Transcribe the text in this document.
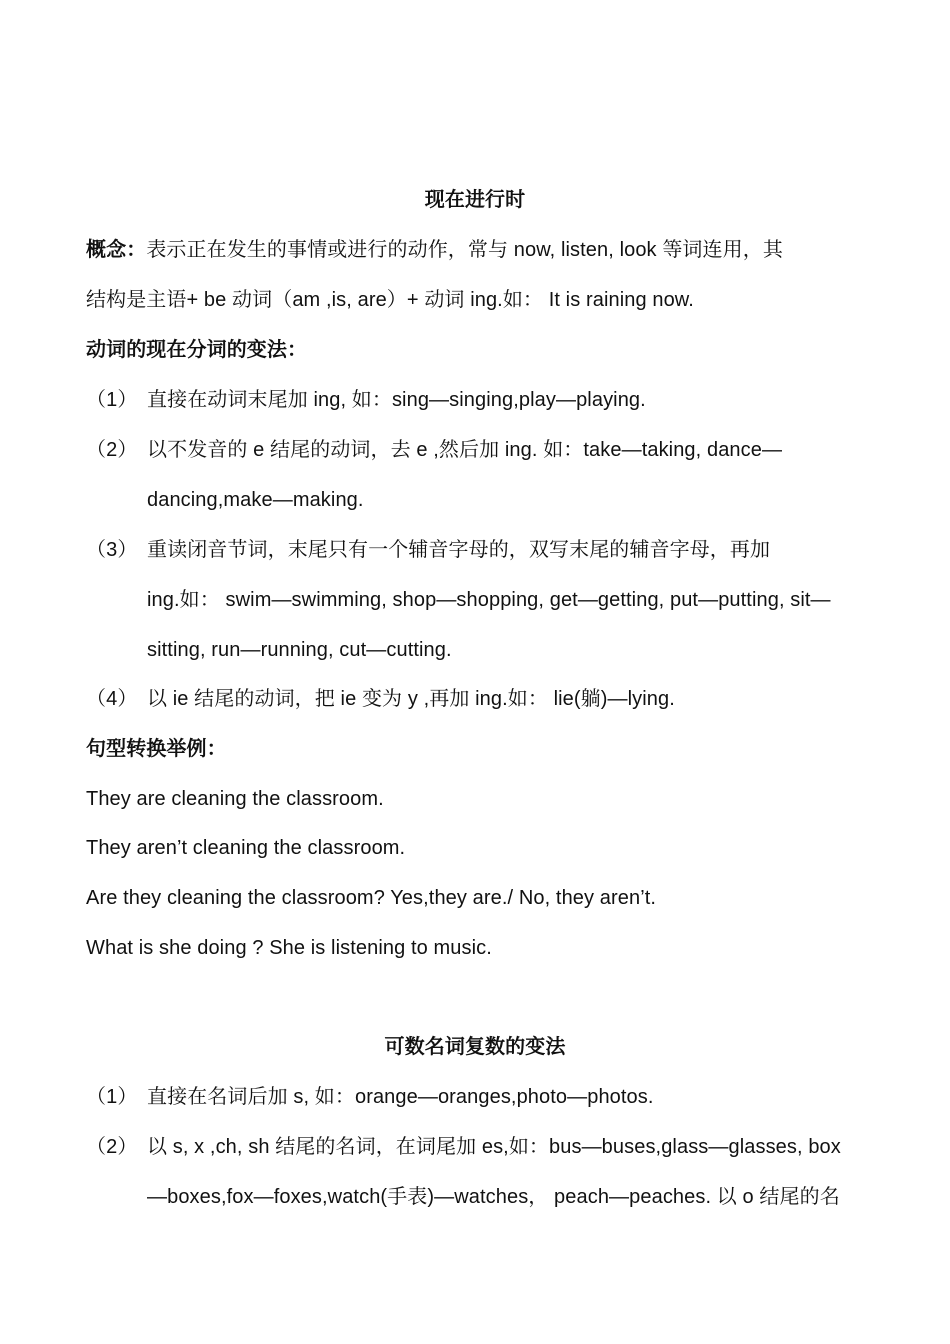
现在进行时
概念：表示正在发生的事情或进行的动作，常与 now, listen, look 等词连用，其
结构是主语+ be 动词（am ,is, are）+ 动词 ing.如： It is raining now.
动词的现在分词的变法：
（1） 直接在动词末尾加 ing, 如：sing—singing,play—playing.
（2） 以不发音的 e 结尾的动词，去 e ,然后加 ing. 如：take—taking, dance—
dancing,make—making.
（3） 重读闭音节词，末尾只有一个辅音字母的，双写末尾的辅音字母，再加
ing.如： swim—swimming, shop—shopping, get—getting, put—putting, sit—
sitting, run—running, cut—cutting.
（4） 以 ie 结尾的动词，把 ie 变为 y ,再加 ing.如： lie(躺)—lying.
句型转换举例：
They are cleaning the classroom.
They aren’t cleaning the classroom.
Are they cleaning the classroom? Yes,they are./ No, they aren’t.
What is she doing ? She is listening to music.
可数名词复数的变法
（1） 直接在名词后加 s, 如：orange—oranges,photo—photos.
（2） 以 s, x ,ch, sh 结尾的名词，在词尾加 es,如：bus—buses,glass—glasses, box
—boxes,fox—foxes,watch(手表)—watches， peach—peaches. 以 o 结尾的名
